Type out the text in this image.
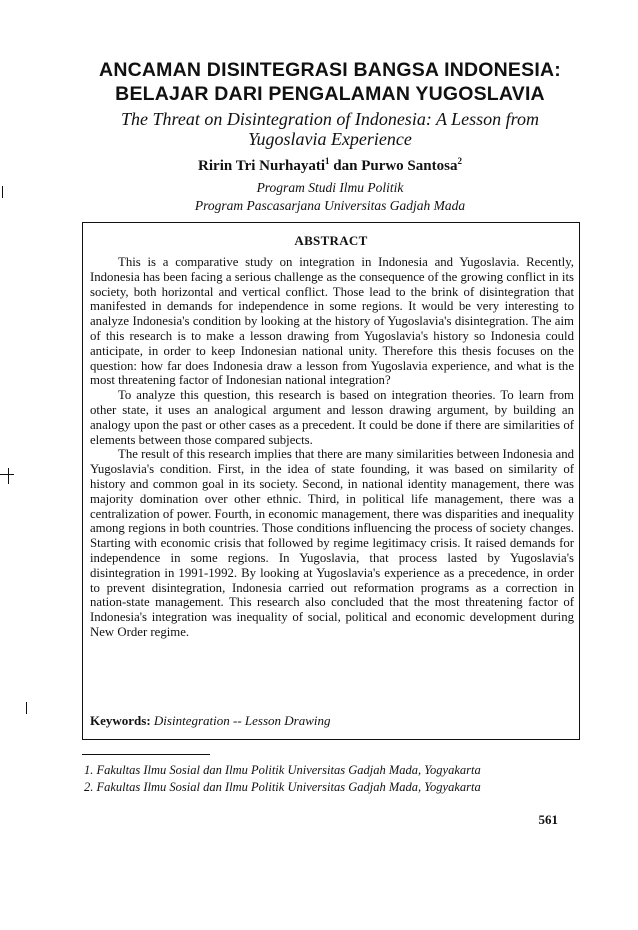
ANCAMAN DISINTEGRASI BANGSA INDONESIA:
BELAJAR DARI PENGALAMAN YUGOSLAVIA
The Threat on Disintegration of Indonesia: A Lesson from
Yugoslavia Experience
Ririn Tri Nurhayati$^1$ dan Purwo Santosa$^2$
Program Studi Ilmu Politik
Program Pascasarjana Universitas Gadjah Mada
ABSTRACT

This is a comparative study on integration in Indonesia and Yugoslavia. Recently, Indonesia has been facing a serious challenge as the consequence of the growing conflict in its society, both horizontal and vertical conflict. Those lead to the brink of disintegration that manifested in demands for independence in some regions. It would be very interesting to analyze Indonesia's condition by looking at the history of Yugoslavia's disintegration. The aim of this research is to make a lesson drawing from Yugoslavia's history so Indonesia could anticipate, in order to keep Indonesian national unity. Therefore this thesis focuses on the question: how far does Indonesia draw a lesson from Yugoslavia experience, and what is the most threatening factor of Indonesian national integration?

To analyze this question, this research is based on integration theories. To learn from other state, it uses an analogical argument and lesson drawing argument, by building an analogy upon the past or other cases as a precedent. It could be done if there are similarities of elements between those compared subjects.

The result of this research implies that there are many similarities between Indonesia and Yugoslavia's condition. First, in the idea of state founding, it was based on similarity of history and common goal in its society. Second, in national identity management, there was majority domination over other ethnic. Third, in political life management, there was a centralization of power. Fourth, in economic management, there was disparities and inequality among regions in both countries. Those conditions influencing the process of society changes. Starting with economic crisis that followed by regime legitimacy crisis. It raised demands for independence in some regions. In Yugoslavia, that process lasted by Yugoslavia's disintegration in 1991-1992. By looking at Yugoslavia's experience as a precedence, in order to prevent disintegration, Indonesia carried out reformation programs as a correction in nation-state management. This research also concluded that the most threatening factor of Indonesia's integration was inequality of social, political and economic development during New Order regime.

Keywords: Disintegration -- Lesson Drawing
1. Fakultas Ilmu Sosial dan Ilmu Politik Universitas Gadjah Mada, Yogyakarta
2. Fakultas Ilmu Sosial dan Ilmu Politik Universitas Gadjah Mada, Yogyakarta
561
